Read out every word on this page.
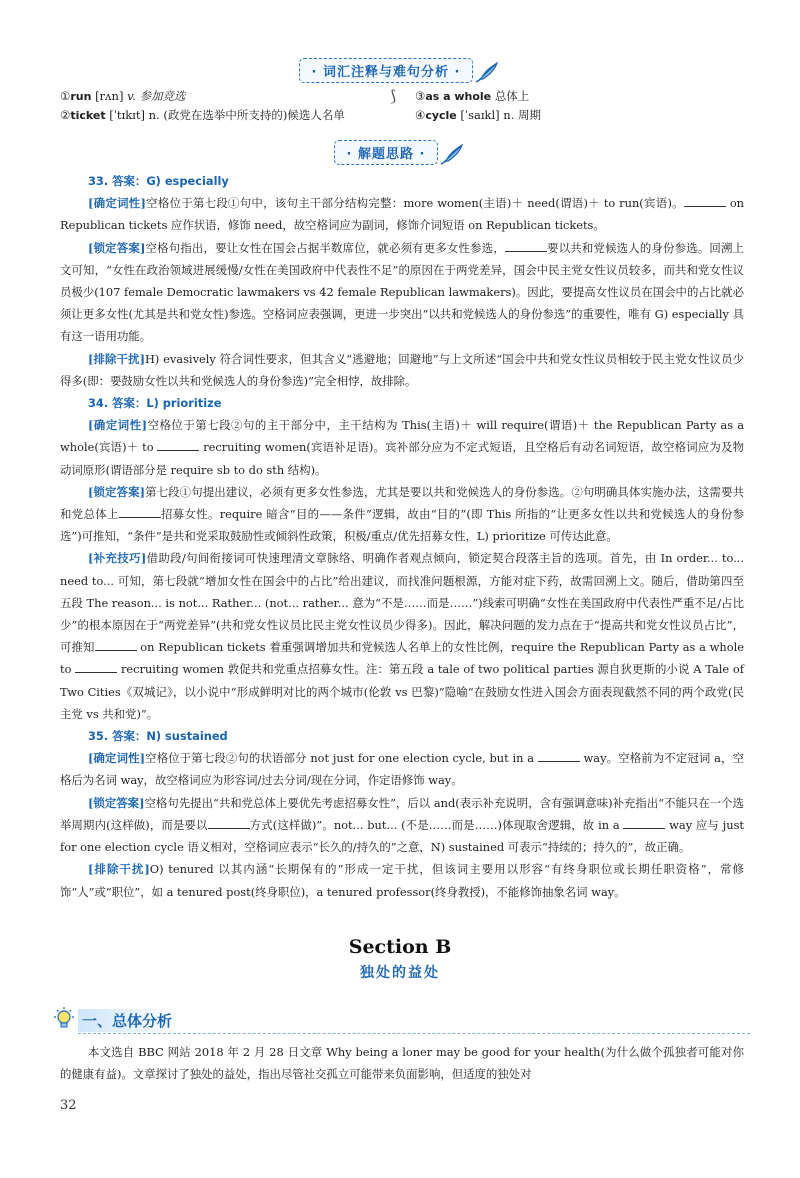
· 词汇注释与难句分析 ·
①run [rʌn] v. 参加竞选	⟆ ③as a whole 总体上
②ticket [ˈtɪkɪt] n. (政党在选举中所支持的)候选人名单	④cycle [ˈsaɪkl] n. 周期
· 解题思路 ·

33. 答案：G) especially

[确定词性]空格位于第七段①句中，该句主干部分结构完整：more women(主语)＋ need(谓语)＋ to run(宾语)。	on Republican tickets 应作状语，修饰 need，故空格词应为副词，修饰介词短语 on Republican tickets。

[锁定答案]空格句指出，要让女性在国会占据半数席位，就必须有更多女性参选，	要以共和党候选人的身份参选。回溯上文可知，“女性在政治领域进展缓慢/女性在美国政府中代表性不足”的原因在于两党差异，国会中民主党女性议员较多，而共和党女性议员极少(107 female Democratic lawmakers vs 42 female Republican lawmakers)。因此，要提高女性议员在国会中的占比就必须让更多女性(尤其是共和党女性)参选。空格词应表强调，更进一步突出“以共和党候选人的身份参选”的重要性，唯有 G) especially 具有这一语用功能。

[排除干扰]H) evasively 符合词性要求，但其含义“逃避地；回避地”与上文所述“国会中共和党女性议员相较于民主党女性议员少得多(即：要鼓励女性以共和党候选人的身份参选)”完全相悖，故排除。

34. 答案：L) prioritize

[确定词性]空格位于第七段②句的主干部分中，主干结构为 This(主语)＋ will require(谓语)＋ the Republican Party as a whole(宾语)＋ to	recruiting women(宾语补足语)。宾补部分应为不定式短语，且空格后有动名词短语，故空格词应为及物动词原形(谓语部分是 require sb to do sth 结构)。

[锁定答案]第七段①句提出建议，必须有更多女性参选，尤其是要以共和党候选人的身份参选。②句明确具体实施办法，这需要共和党总体上	招募女性。require 暗含“目的——条件”逻辑，故由“目的”(即 This 所指的“让更多女性以共和党候选人的身份参选”)可推知，“条件”是共和党采取鼓励性或倾斜性政策，积极/重点/优先招募女性，L) prioritize 可传达此意。

[补充技巧]借助段/句间衔接词可快速理清文章脉络、明确作者观点倾向，锁定契合段落主旨的选项。首先，由 In order... to... need to... 可知，第七段就“增加女性在国会中的占比”给出建议，而找准问题根源，方能对症下药，故需回溯上文。随后，借助第四至五段 The reason... is not... Rather... (not... rather... 意为“不是……而是……”)线索可明确“女性在美国政府中代表性严重不足/占比少”的根本原因在于“两党差异”(共和党女性议员比民主党女性议员少得多)。因此，解决问题的发力点在于“提高共和党女性议员占比”，可推知	on Republican tickets 着重强调增加共和党候选人名单上的女性比例，require the Republican Party as a whole to	recruiting women 敦促共和党重点招募女性。注：第五段 a tale of two political parties 源自狄更斯的小说 A Tale of Two Cities《双城记》，以小说中“形成鲜明对比的两个城市(伦敦 vs 巴黎)”隐喻“在鼓励女性进入国会方面表现截然不同的两个政党(民主党 vs 共和党)”。

35. 答案：N) sustained

[确定词性]空格位于第七段②句的状语部分 not just for one election cycle, but in a	way。空格前为不定冠词 a，空格后为名词 way，故空格词应为形容词/过去分词/现在分词，作定语修饰 way。

[锁定答案]空格句先提出“共和党总体上要优先考虑招募女性”，后以 and(表示补充说明，含有强调意味)补充指出“不能只在一个选举周期内(这样做)，而是要以	方式(这样做)”。not... but... (不是……而是……)体现取舍逻辑，故 in a	way 应与 just for one election cycle 语义相对，空格词应表示“长久的/持久的”之意，N) sustained 可表示“持续的；持久的”，故正确。

[排除干扰]O) tenured 以其内涵“长期保有的”形成一定干扰，但该词主要用以形容“有终身职位或长期任职资格”，常修饰“人”或“职位”，如 a tenured post(终身职位)，a tenured professor(终身教授)，不能修饰抽象名词 way。

Section B
独处的益处
一、总体分析

本文选自 BBC 网站 2018 年 2 月 28 日文章 Why being a loner may be good for your health(为什么做个孤独者可能对你的健康有益)。文章探讨了独处的益处，指出尽管社交孤立可能带来负面影响，但适度的独处对

32
